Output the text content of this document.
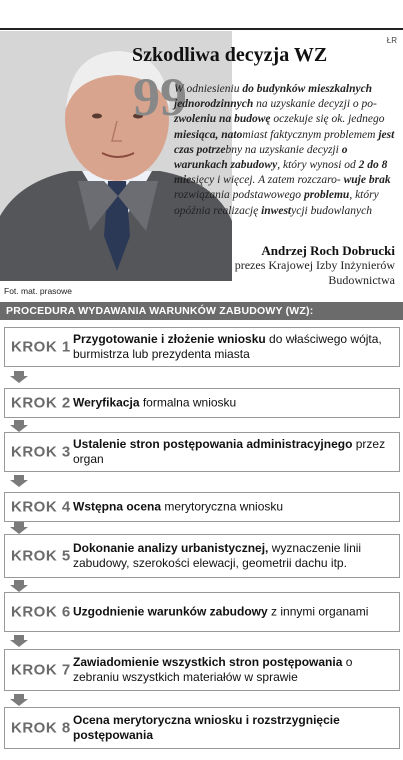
ŁR
Szkodliwa decyzja WZ
99
W odniesieniu do budynków mieszkalnych jednorodzinnych na uzyskanie decyzji o po- zwoleniu na budowę oczekuje się ok. jednego miesiąca, natomiast faktycznym problemem jest czas potrzebny na uzyskanie decyzji o warunkach zabudowy, który wynosi od 2 do 8 miesięcy i więcej. A zatem rozczaro- wuje brak rozwiązania podstawowego problemu, który opóźnia realizację inwestycji budowlanych
Andrzej Roch Dobrucki
prezes Krajowej Izby Inżynierów Budownictwa
Fot. mat. prasowe
PROCEDURA WYDAWANIA WARUNKÓW ZABUDOWY (WZ):
KROK 1 Przygotowanie i złożenie wniosku do właściwego wójta, burmistrza lub prezydenta miasta
KROK 2 Weryfikacja formalna wniosku
KROK 3 Ustalenie stron postępowania administracyjnego przez organ
KROK 4 Wstępna ocena merytoryczna wniosku
KROK 5 Dokonanie analizy urbanistycznej, wyznaczenie linii zabudowy, szerokości elewacji, geometrii dachu itp.
KROK 6 Uzgodnienie warunków zabudowy z innymi organami
KROK 7 Zawiadomienie wszystkich stron postępowania o zebraniu wszystkich materiałów w sprawie
KROK 8 Ocena merytoryczna wniosku i rozstrzygnięcie postępowania
